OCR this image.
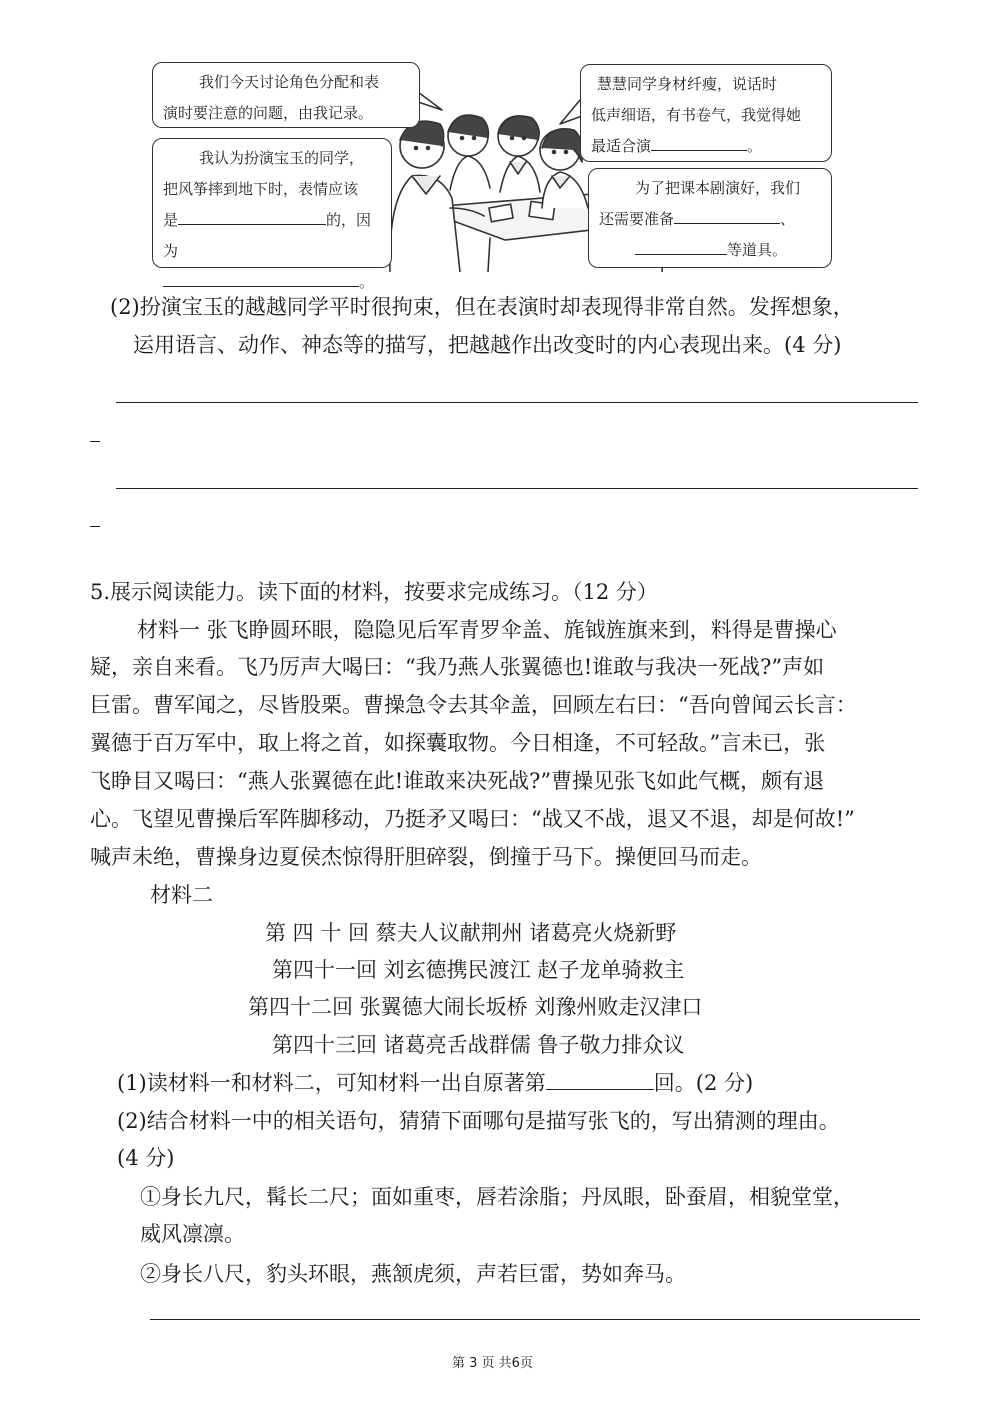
我们今天讨论角色分配和表
演时要注意的问题，由我记录。
我认为扮演宝玉的同学，
把风筝摔到地下时，表情应该
是	的，因为
。
慧慧同学身材纤瘦，说话时
低声细语，有书卷气，我觉得她
最适合演	。
为了把课本剧演好，我们
还需要准备	、
等道具。
(2)扮演宝玉的越越同学平时很拘束，但在表演时却表现得非常自然。发挥想象，
运用语言、动作、神态等的描写，把越越作出改变时的内心表现出来。(4 分)
5.展示阅读能力。读下面的材料，按要求完成练习。（12 分）
材料一 张飞睁圆环眼，隐隐见后军青罗伞盖、旄钺旌旗来到，料得是曹操心
疑，亲自来看。飞乃厉声大喝曰：“我乃燕人张翼德也!谁敢与我决一死战?”声如
巨雷。曹军闻之，尽皆股栗。曹操急令去其伞盖，回顾左右曰：“吾向曾闻云长言：
翼德于百万军中，取上将之首，如探囊取物。今日相逢，不可轻敌。”言未已，张
飞睁目又喝曰：“燕人张翼德在此!谁敢来决死战?”曹操见张飞如此气概，颇有退
心。飞望见曹操后军阵脚移动，乃挺矛又喝曰：“战又不战，退又不退，却是何故!”
喊声未绝，曹操身边夏侯杰惊得肝胆碎裂，倒撞于马下。操便回马而走。
材料二
第 四 十 回 蔡夫人议献荆州 诸葛亮火烧新野
第四十一回 刘玄德携民渡江 赵子龙单骑救主
第四十二回 张翼德大闹长坂桥 刘豫州败走汉津口
第四十三回 诸葛亮舌战群儒 鲁子敬力排众议
(1)读材料一和材料二，可知材料一出自原著第	回。(2 分)
(2)结合材料一中的相关语句，猜猜下面哪句是描写张飞的，写出猜测的理由。
(4 分)
①身长九尺，髯长二尺；面如重枣，唇若涂脂；丹凤眼，卧蚕眉，相貌堂堂，
威风凛凛。
②身长八尺，豹头环眼，燕颔虎须，声若巨雷，势如奔马。
第 3 页 共6页
